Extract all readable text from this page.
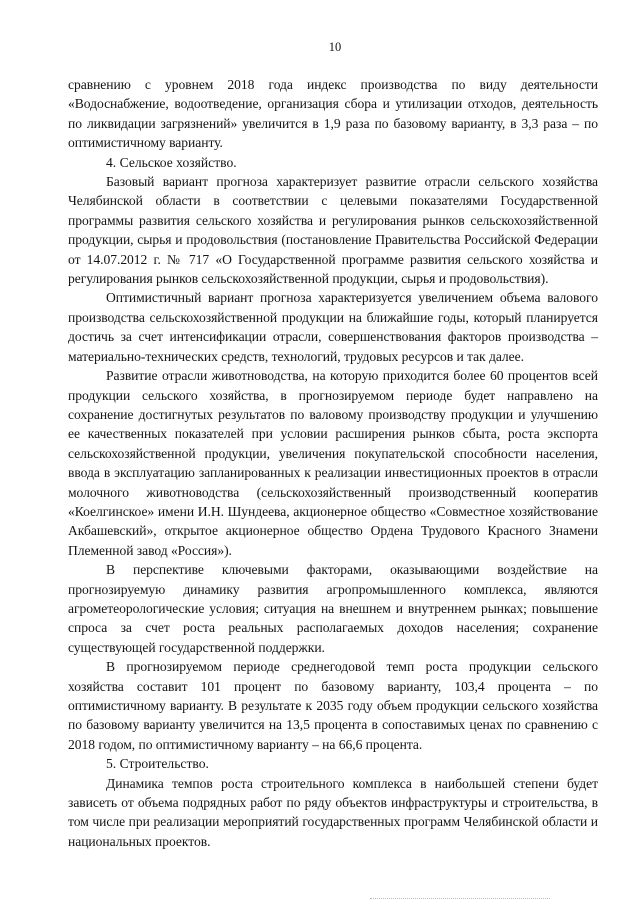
10

сравнению с уровнем 2018 года индекс производства по виду деятельности «Водоснабжение, водоотведение, организация сбора и утилизации отходов, деятельность по ликвидации загрязнений» увеличится в 1,9 раза по базовому варианту, в 3,3 раза – по оптимистичному варианту.

4. Сельское хозяйство.

Базовый вариант прогноза характеризует развитие отрасли сельского хозяйства Челябинской области в соответствии с целевыми показателями Государственной программы развития сельского хозяйства и регулирования рынков сельскохозяйственной продукции, сырья и продовольствия (постановление Правительства Российской Федерации от 14.07.2012 г. № 717 «О Государственной программе развития сельского хозяйства и регулирования рынков сельскохозяйственной продукции, сырья и продовольствия).

Оптимистичный вариант прогноза характеризуется увеличением объема валового производства сельскохозяйственной продукции на ближайшие годы, который планируется достичь за счет интенсификации отрасли, совершенствования факторов производства – материально-технических средств, технологий, трудовых ресурсов и так далее.

Развитие отрасли животноводства, на которую приходится более 60 процентов всей продукции сельского хозяйства, в прогнозируемом периоде будет направлено на сохранение достигнутых результатов по валовому производству продукции и улучшению ее качественных показателей при условии расширения рынков сбыта, роста экспорта сельскохозяйственной продукции, увеличения покупательской способности населения, ввода в эксплуатацию запланированных к реализации инвестиционных проектов в отрасли молочного животноводства (сельскохозяйственный производственный кооператив «Коелгинское» имени И.Н. Шундеева, акционерное общество «Совместное хозяйствование Акбашевский», открытое акционерное общество Ордена Трудового Красного Знамени Племенной завод «Россия»).

В перспективе ключевыми факторами, оказывающими воздействие на прогнозируемую динамику развития агропромышленного комплекса, являются агрометеорологические условия; ситуация на внешнем и внутреннем рынках; повышение спроса за счет роста реальных располагаемых доходов населения; сохранение существующей государственной поддержки.

В прогнозируемом периоде среднегодовой темп роста продукции сельского хозяйства составит 101 процент по базовому варианту, 103,4 процента – по оптимистичному варианту. В результате к 2035 году объем продукции сельского хозяйства по базовому варианту увеличится на 13,5 процента в сопоставимых ценах по сравнению с 2018 годом, по оптимистичному варианту – на 66,6 процента.

5. Строительство.

Динамика темпов роста строительного комплекса в наибольшей степени будет зависеть от объема подрядных работ по ряду объектов инфраструктуры и строительства, в том числе при реализации мероприятий государственных программ Челябинской области и национальных проектов.
